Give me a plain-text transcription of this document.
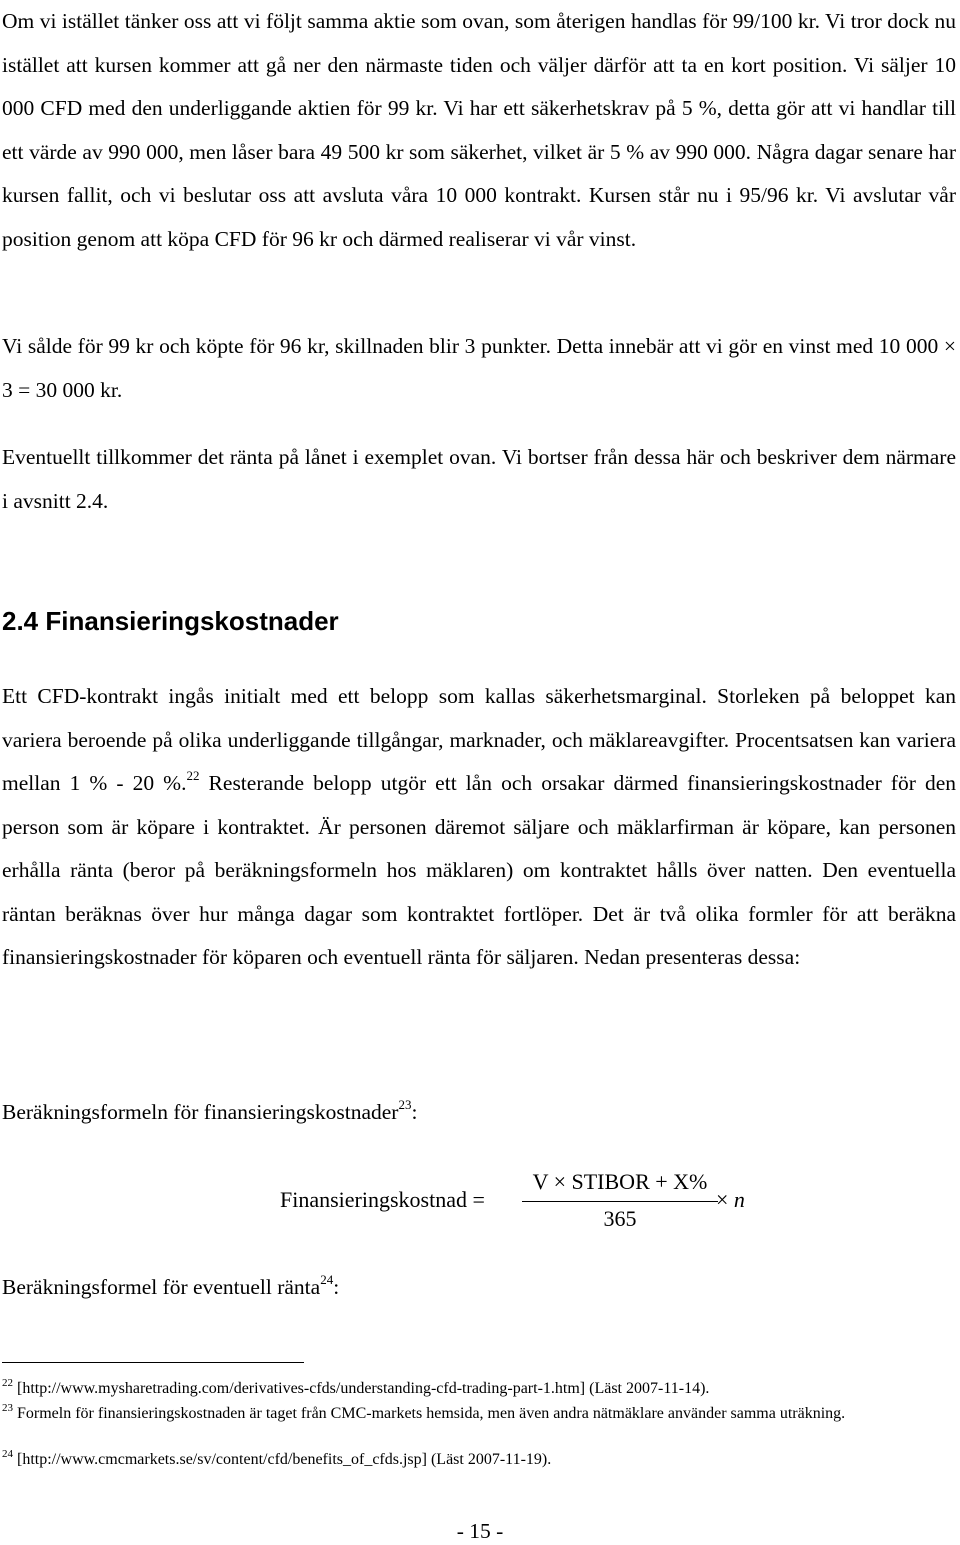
Om vi istället tänker oss att vi följt samma aktie som ovan, som återigen handlas för 99/100 kr. Vi tror dock nu istället att kursen kommer att gå ner den närmaste tiden och väljer därför att ta en kort position. Vi säljer 10 000 CFD med den underliggande aktien för 99 kr. Vi har ett säkerhetskrav på 5 %, detta gör att vi handlar till ett värde av 990 000, men låser bara 49 500 kr som säkerhet, vilket är 5 % av 990 000. Några dagar senare har kursen fallit, och vi beslutar oss att avsluta våra 10 000 kontrakt. Kursen står nu i 95/96 kr. Vi avslutar vår position genom att köpa CFD för 96 kr och därmed realiserar vi vår vinst.

Vi sålde för 99 kr och köpte för 96 kr, skillnaden blir 3 punkter. Detta innebär att vi gör en vinst med 10 000 × 3 = 30 000 kr.

Eventuellt tillkommer det ränta på lånet i exemplet ovan. Vi bortser från dessa här och beskriver dem närmare i avsnitt 2.4.

2.4 Finansieringskostnader

Ett CFD-kontrakt ingås initialt med ett belopp som kallas säkerhetsmarginal. Storleken på beloppet kan variera beroende på olika underliggande tillgångar, marknader, och mäklareavgifter. Procentsatsen kan variera mellan 1 % - 20 %.$^{22}$ Resterande belopp utgör ett lån och orsakar därmed finansieringskostnader för den person som är köpare i kontraktet. Är personen däremot säljare och mäklarfirman är köpare, kan personen erhålla ränta (beror på beräkningsformeln hos mäklaren) om kontraktet hålls över natten. Den eventuella räntan beräknas över hur många dagar som kontraktet fortlöper. Det är två olika formler för att beräkna finansieringskostnader för köparen och eventuell ränta för säljaren. Nedan presenteras dessa:

Beräkningsformeln för finansieringskostnader$^{23}$:

Finansieringskostnad =
V × STIBOR + X%
365
× n

Beräkningsformel för eventuell ränta$^{24}$:

$^{22}$ [http://www.mysharetrading.com/derivatives-cfds/understanding-cfd-trading-part-1.htm] (Läst 2007-11-14).

$^{23}$ Formeln för finansieringskostnaden är taget från CMC-markets hemsida, men även andra nätmäklare använder samma uträkning.

$^{24}$ [http://www.cmcmarkets.se/sv/content/cfd/benefits_of_cfds.jsp] (Läst 2007-11-19).

- 15 -
